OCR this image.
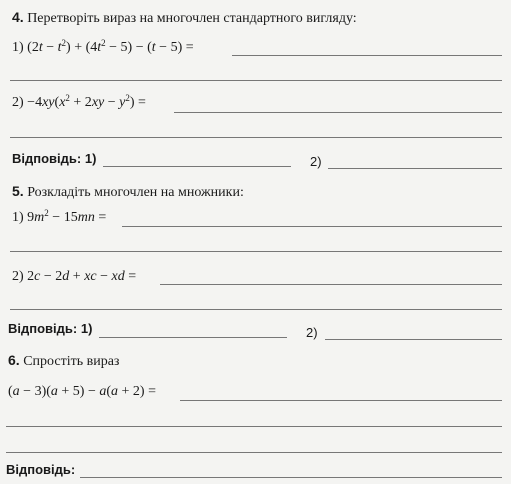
4. Перетворіть вираз на многочлен стандартного вигляду:
1) $(2t - t^2) + (4t^2 - 5) - (t - 5)$ =
$2) -4xy(x^2 + 2xy - y^2)$ =
Відповідь: 1)	2)
5. Розкладіть многочлен на множники:
1) $9m^2 - 15mn$ =
2) 2c − 2d + xc − xd =
Відповідь: 1)	2)
6. Спростіть вираз
(a − 3)(a + 5) − a(a + 2) =
Відповідь:
